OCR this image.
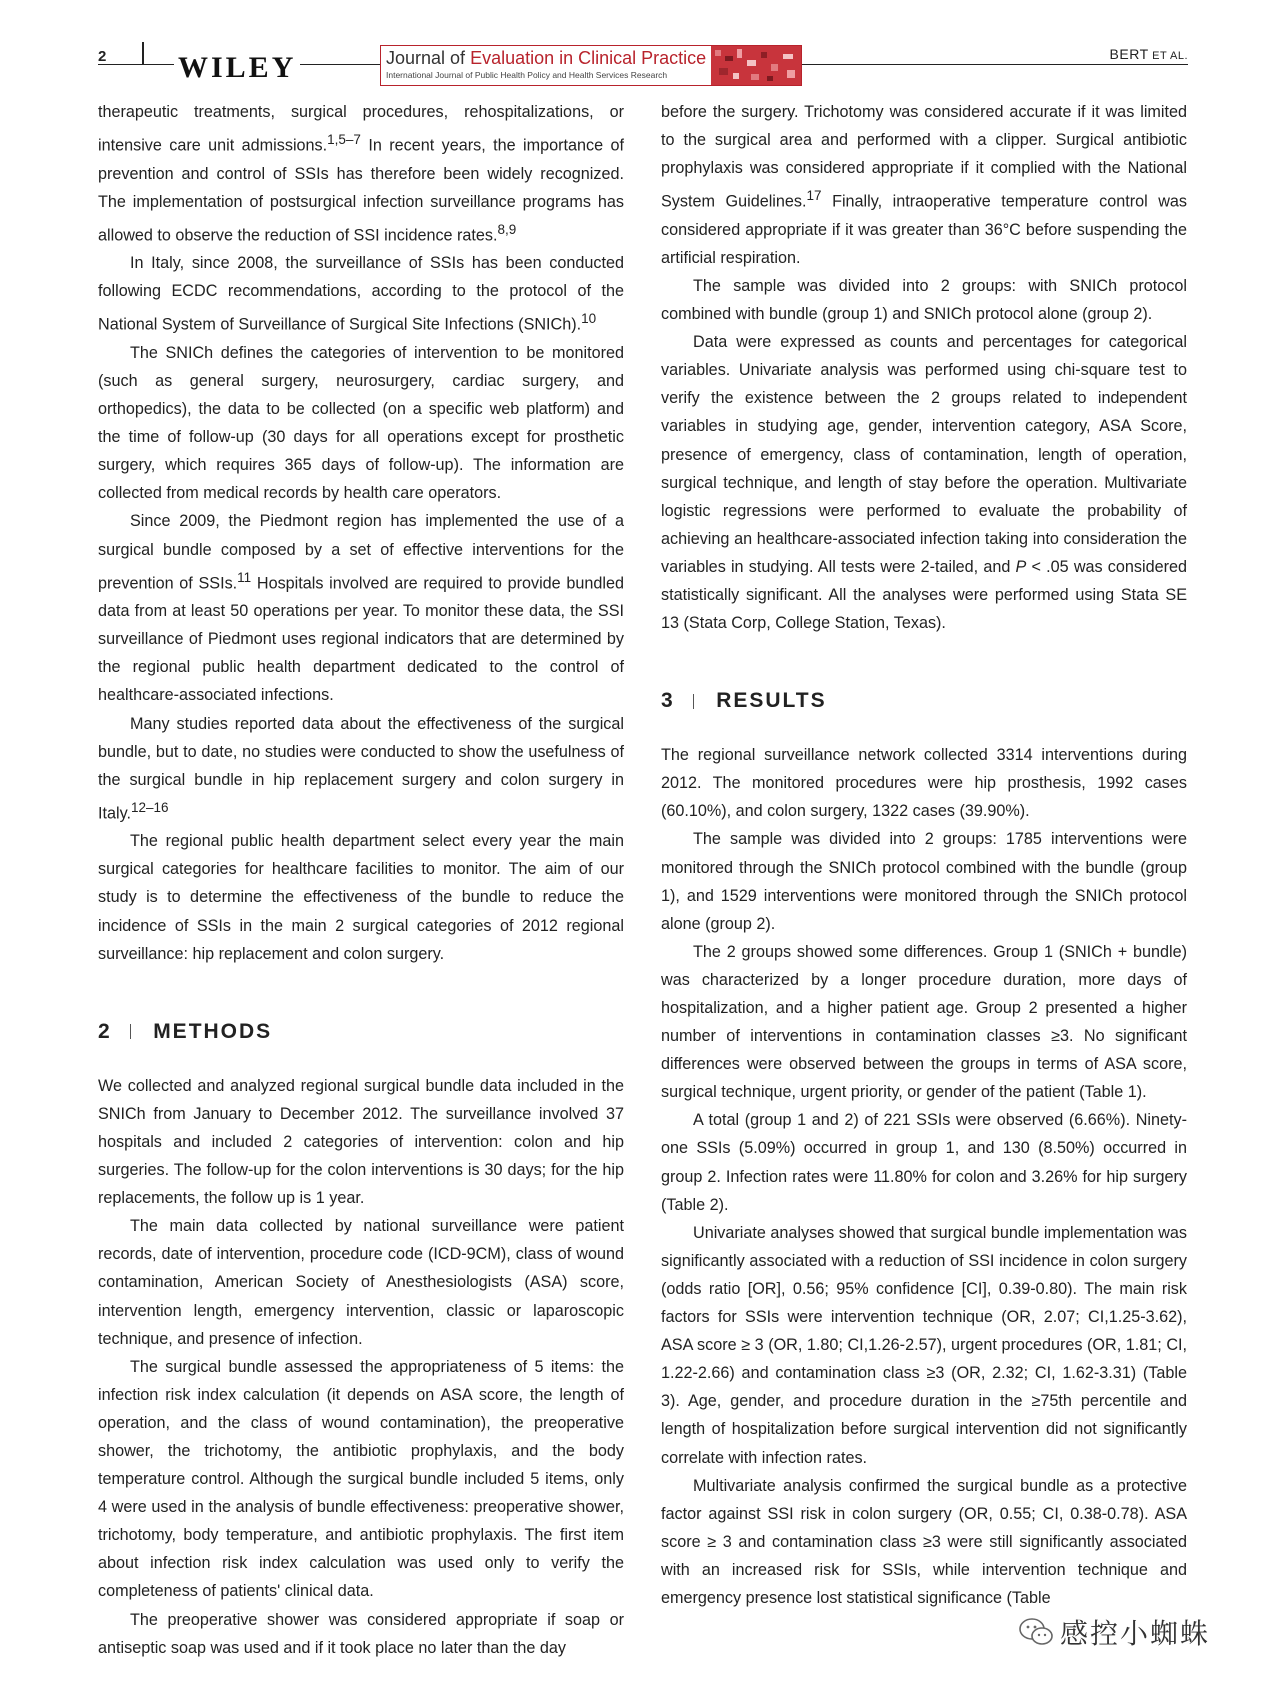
2 WILEY	Journal of Evaluation in Clinical Practice
International Journal of Public Health Policy and Health Services Research
BERT ET AL.

therapeutic treatments, surgical procedures, rehospitalizations, or intensive care unit admissions.$^{1,5-7}$ In recent years, the importance of prevention and control of SSIs has therefore been widely recognized. The implementation of postsurgical infection surveillance programs has allowed to observe the reduction of SSI incidence rates.$^{8,9}$

In Italy, since 2008, the surveillance of SSIs has been conducted following ECDC recommendations, according to the protocol of the National System of Surveillance of Surgical Site Infections (SNICh).$^{10}$

The SNICh defines the categories of intervention to be monitored (such as general surgery, neurosurgery, cardiac surgery, and orthopedics), the data to be collected (on a specific web platform) and the time of follow-up (30 days for all operations except for prosthetic surgery, which requires 365 days of follow-up). The information are collected from medical records by health care operators.

Since 2009, the Piedmont region has implemented the use of a surgical bundle composed by a set of effective interventions for the prevention of SSIs.$^{11}$ Hospitals involved are required to provide bundled data from at least 50 operations per year. To monitor these data, the SSI surveillance of Piedmont uses regional indicators that are determined by the regional public health department dedicated to the control of healthcare-associated infections.

Many studies reported data about the effectiveness of the surgical bundle, but to date, no studies were conducted to show the usefulness of the surgical bundle in hip replacement surgery and colon surgery in Italy.$^{12-16}$

The regional public health department select every year the main surgical categories for healthcare facilities to monitor. The aim of our study is to determine the effectiveness of the bundle to reduce the incidence of SSIs in the main 2 surgical categories of 2012 regional surveillance: hip replacement and colon surgery.

2 METHODS

We collected and analyzed regional surgical bundle data included in the SNICh from January to December 2012. The surveillance involved 37 hospitals and included 2 categories of intervention: colon and hip surgeries. The follow-up for the colon interventions is 30 days; for the hip replacements, the follow up is 1 year.

The main data collected by national surveillance were patient records, date of intervention, procedure code (ICD-9CM), class of wound contamination, American Society of Anesthesiologists (ASA) score, intervention length, emergency intervention, classic or laparoscopic technique, and presence of infection.

The surgical bundle assessed the appropriateness of 5 items: the infection risk index calculation (it depends on ASA score, the length of operation, and the class of wound contamination), the preoperative shower, the trichotomy, the antibiotic prophylaxis, and the body temperature control. Although the surgical bundle included 5 items, only 4 were used in the analysis of bundle effectiveness: preoperative shower, trichotomy, body temperature, and antibiotic prophylaxis. The first item about infection risk index calculation was used only to verify the completeness of patients' clinical data.

The preoperative shower was considered appropriate if soap or antiseptic soap was used and if it took place no later than the day

before the surgery. Trichotomy was considered accurate if it was limited to the surgical area and performed with a clipper. Surgical antibiotic prophylaxis was considered appropriate if it complied with the National System Guidelines.$^{17}$ Finally, intraoperative temperature control was considered appropriate if it was greater than 36°C before suspending the artificial respiration.

The sample was divided into 2 groups: with SNICh protocol combined with bundle (group 1) and SNICh protocol alone (group 2).

Data were expressed as counts and percentages for categorical variables. Univariate analysis was performed using chi-square test to verify the existence between the 2 groups related to independent variables in studying age, gender, intervention category, ASA Score, presence of emergency, class of contamination, length of operation, surgical technique, and length of stay before the operation. Multivariate logistic regressions were performed to evaluate the probability of achieving an healthcare-associated infection taking into consideration the variables in studying. All tests were 2-tailed, and P < .05 was considered statistically significant. All the analyses were performed using Stata SE 13 (Stata Corp, College Station, Texas).

3 RESULTS

The regional surveillance network collected 3314 interventions during 2012. The monitored procedures were hip prosthesis, 1992 cases (60.10%), and colon surgery, 1322 cases (39.90%).

The sample was divided into 2 groups: 1785 interventions were monitored through the SNICh protocol combined with the bundle (group 1), and 1529 interventions were monitored through the SNICh protocol alone (group 2).

The 2 groups showed some differences. Group 1 (SNICh + bundle) was characterized by a longer procedure duration, more days of hospitalization, and a higher patient age. Group 2 presented a higher number of interventions in contamination classes ≥3. No significant differences were observed between the groups in terms of ASA score, surgical technique, urgent priority, or gender of the patient (Table 1).

A total (group 1 and 2) of 221 SSIs were observed (6.66%). Ninety-one SSIs (5.09%) occurred in group 1, and 130 (8.50%) occurred in group 2. Infection rates were 11.80% for colon and 3.26% for hip surgery (Table 2).

Univariate analyses showed that surgical bundle implementation was significantly associated with a reduction of SSI incidence in colon surgery (odds ratio [OR], 0.56; 95% confidence [CI], 0.39-0.80). The main risk factors for SSIs were intervention technique (OR, 2.07; CI,1.25-3.62), ASA score ≥ 3 (OR, 1.80; CI,1.26-2.57), urgent procedures (OR, 1.81; CI, 1.22-2.66) and contamination class ≥3 (OR, 2.32; CI, 1.62-3.31) (Table 3). Age, gender, and procedure duration in the ≥75th percentile and length of hospitalization before surgical intervention did not significantly correlate with infection rates.

Multivariate analysis confirmed the surgical bundle as a protective factor against SSI risk in colon surgery (OR, 0.55; CI, 0.38-0.78). ASA score ≥ 3 and contamination class ≥3 were still significantly associated with an increased risk for SSIs, while intervention technique and emergency presence lost statistical significance (Table

感控小蜘蛛
